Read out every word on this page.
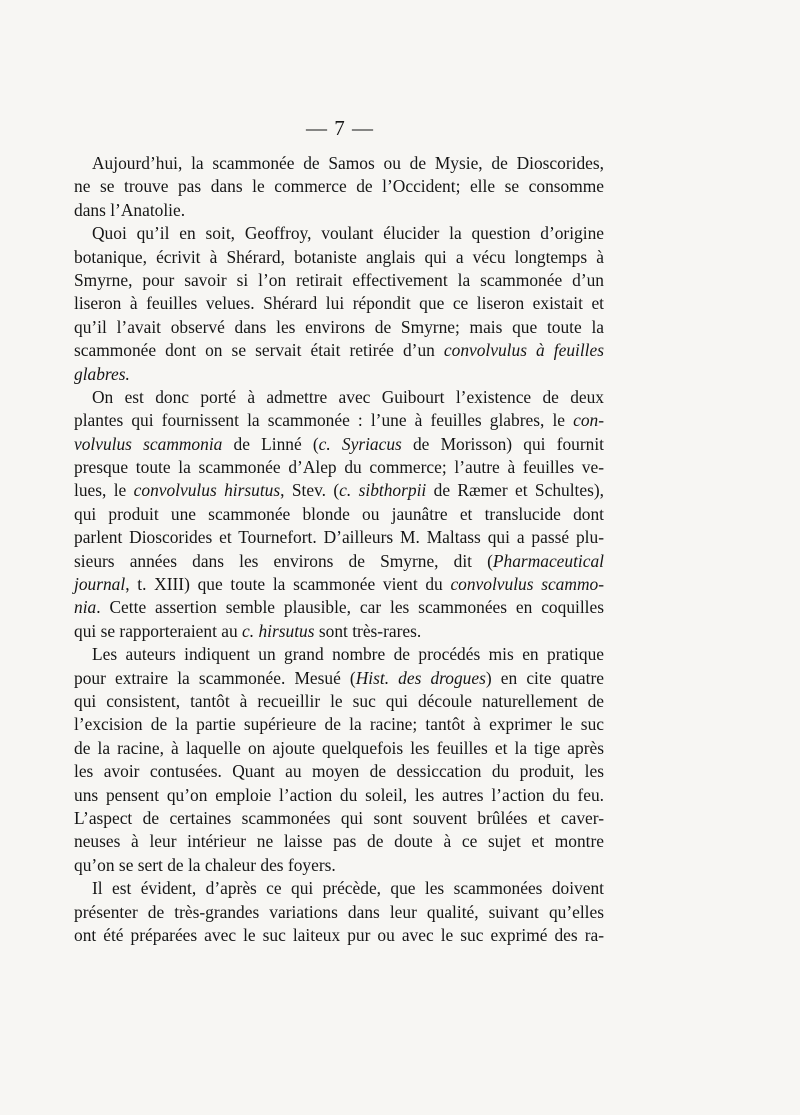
— 7 —
Aujourd’hui, la scammonée de Samos ou de Mysie, de Dioscorides,
ne se trouve pas dans le commerce de l’Occident; elle se consomme
dans l’Anatolie.
Quoi qu’il en soit, Geoffroy, voulant élucider la question d’origine
botanique, écrivit à Shérard, botaniste anglais qui a vécu longtemps à
Smyrne, pour savoir si l’on retirait effectivement la scammonée d’un
liseron à feuilles velues. Shérard lui répondit que ce liseron existait et
qu’il l’avait observé dans les environs de Smyrne; mais que toute la
scammonée dont on se servait était retirée d’un convolvulus à feuilles
glabres.
On est donc porté à admettre avec Guibourt l’existence de deux
plantes qui fournissent la scammonée : l’une à feuilles glabres, le con-
volvulus scammonia de Linné (c. Syriacus de Morisson) qui fournit
presque toute la scammonée d’Alep du commerce; l’autre à feuilles ve-
lues, le convolvulus hirsutus, Stev. (c. sibthorpii de Ræmer et Schultes),
qui produit une scammonée blonde ou jaunâtre et translucide dont
parlent Dioscorides et Tournefort. D’ailleurs M. Maltass qui a passé plu-
sieurs années dans les environs de Smyrne, dit (Pharmaceutical
journal, t. XIII) que toute la scammonée vient du convolvulus scammo-
nia. Cette assertion semble plausible, car les scammonées en coquilles
qui se rapporteraient au c. hirsutus sont très-rares.
Les auteurs indiquent un grand nombre de procédés mis en pratique
pour extraire la scammonée. Mesué (Hist. des drogues) en cite quatre
qui consistent, tantôt à recueillir le suc qui découle naturellement de
l’excision de la partie supérieure de la racine; tantôt à exprimer le suc
de la racine, à laquelle on ajoute quelquefois les feuilles et la tige après
les avoir contusées. Quant au moyen de dessiccation du produit, les
uns pensent qu’on emploie l’action du soleil, les autres l’action du feu.
L’aspect de certaines scammonées qui sont souvent brûlées et caver-
neuses à leur intérieur ne laisse pas de doute à ce sujet et montre
qu’on se sert de la chaleur des foyers.
Il est évident, d’après ce qui précède, que les scammonées doivent
présenter de très-grandes variations dans leur qualité, suivant qu’elles
ont été préparées avec le suc laiteux pur ou avec le suc exprimé des ra-
